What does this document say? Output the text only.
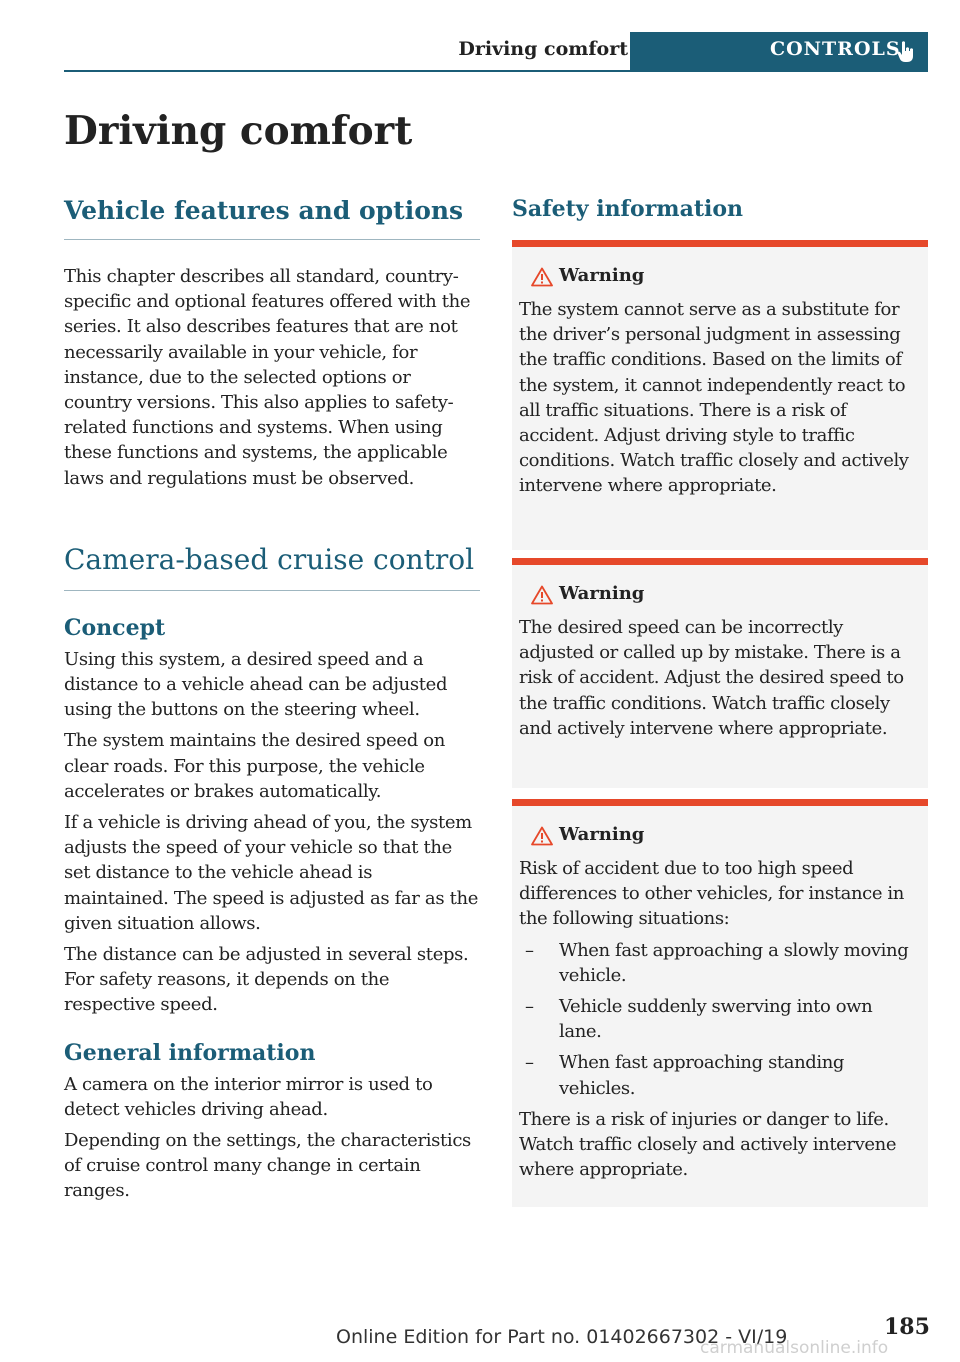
Driving comfort	CONTROLS
Driving comfort
Vehicle features and options

This chapter describes all standard, country-specific and optional features offered with the series. It also describes features that are not necessarily available in your vehicle, for instance, due to the selected options or country versions. This also applies to safety-related functions and systems. When using these functions and systems, the applicable laws and regulations must be observed.

Camera-based cruise control
Concept

Using this system, a desired speed and a distance to a vehicle ahead can be adjusted using the buttons on the steering wheel.

The system maintains the desired speed on clear roads. For this purpose, the vehicle accelerates or brakes automatically.

If a vehicle is driving ahead of you, the system adjusts the speed of your vehicle so that the set distance to the vehicle ahead is maintained. The speed is adjusted as far as the given situation allows.

The distance can be adjusted in several steps. For safety reasons, it depends on the respective speed.

General information

A camera on the interior mirror is used to detect vehicles driving ahead.

Depending on the settings, the characteristics of cruise control many change in certain ranges.

Safety information
Warning

The system cannot serve as a substitute for the driver’s personal judgment in assessing the traffic conditions. Based on the limits of the system, it cannot independently react to all traffic situations. There is a risk of accident. Adjust driving style to traffic conditions. Watch traffic closely and actively intervene where appropriate.

Warning

The desired speed can be incorrectly adjusted or called up by mistake. There is a risk of accident. Adjust the desired speed to the traffic conditions. Watch traffic closely and actively intervene where appropriate.

Warning

Risk of accident due to too high speed differences to other vehicles, for instance in the following situations:

– When fast approaching a slowly moving vehicle.
– Vehicle suddenly swerving into own lane.
– When fast approaching standing vehicles.

There is a risk of injuries or danger to life. Watch traffic closely and actively intervene where appropriate.

185
Online Edition for Part no. 01402667302 - VI/19
carmanualsonline.info
